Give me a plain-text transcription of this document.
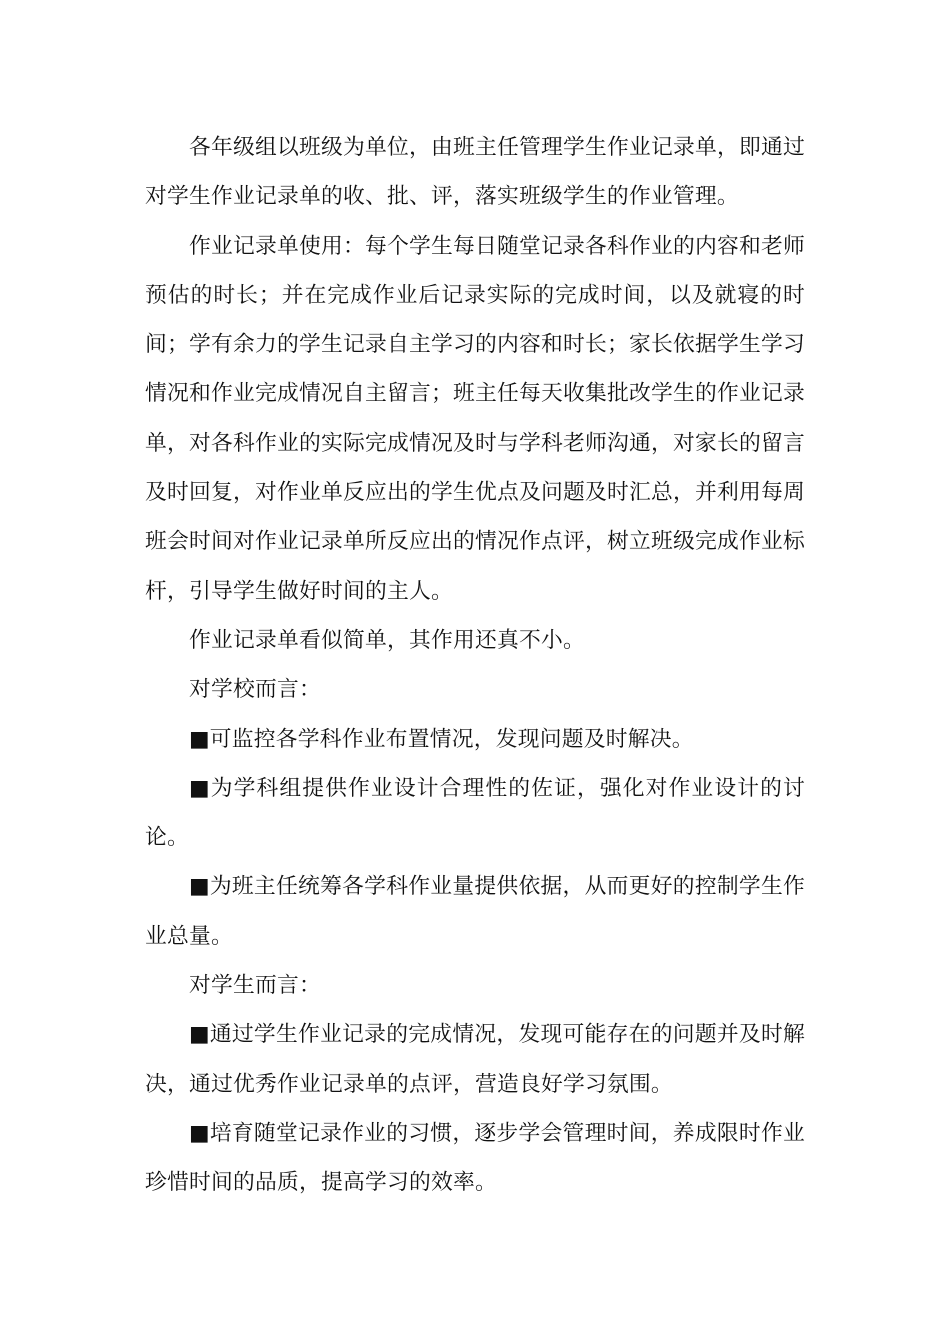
各年级组以班级为单位，由班主任管理学生作业记录单，即通过对学生作业记录单的收、批、评，落实班级学生的作业管理。

作业记录单使用：每个学生每日随堂记录各科作业的内容和老师预估的时长；并在完成作业后记录实际的完成时间，以及就寝的时间；学有余力的学生记录自主学习的内容和时长；家长依据学生学习情况和作业完成情况自主留言；班主任每天收集批改学生的作业记录单，对各科作业的实际完成情况及时与学科老师沟通，对家长的留言及时回复，对作业单反应出的学生优点及问题及时汇总，并利用每周班会时间对作业记录单所反应出的情况作点评，树立班级完成作业标杆，引导学生做好时间的主人。

作业记录单看似简单，其作用还真不小。

对学校而言：

■可监控各学科作业布置情况，发现问题及时解决。

■为学科组提供作业设计合理性的佐证，强化对作业设计的讨论。

■为班主任统筹各学科作业量提供依据，从而更好的控制学生作业总量。

对学生而言：

■通过学生作业记录的完成情况，发现可能存在的问题并及时解决，通过优秀作业记录单的点评，营造良好学习氛围。

■培育随堂记录作业的习惯，逐步学会管理时间，养成限时作业珍惜时间的品质，提高学习的效率。
